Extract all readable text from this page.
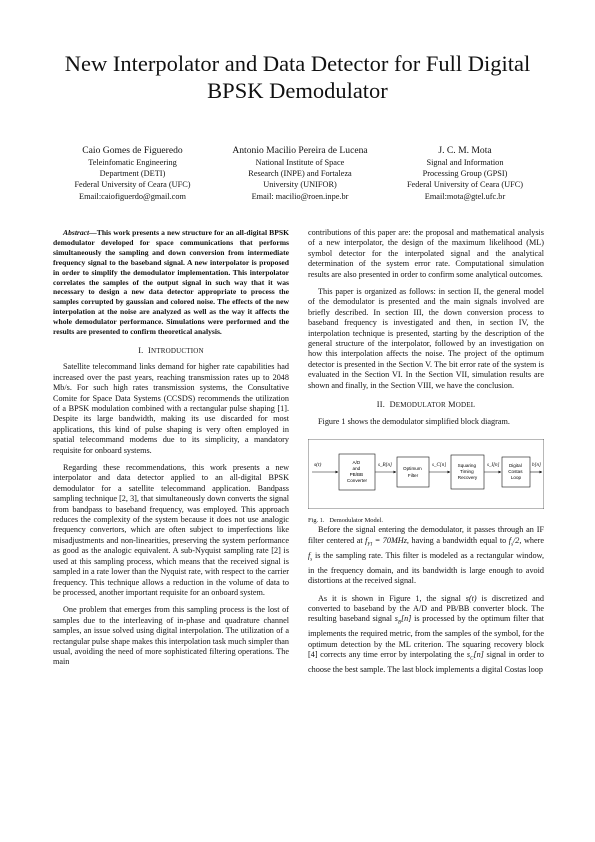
New Interpolator and Data Detector for Full Digital
BPSK Demodulator
Caio Gomes de Figueredo
Teleinfomatic Engineering
Department (DETI)
Federal University of Ceara (UFC)
Email:caiofiguerdo@gmail.com
Antonio Macilio Pereira de Lucena
National Institute of Space
Research (INPE) and Fortaleza
University (UNIFOR)
Email: macilio@roen.inpe.br
J. C. M. Mota
Signal and Information
Processing Group (GPSI)
Federal University of Ceara (UFC)
Email:mota@gtel.ufc.br

Abstract—This work presents a new structure for an all-digital BPSK demodulator developed for space communications that performs simultaneously the sampling and down conversion from intermediate frequency signal to the baseband signal. A new interpolator is proposed in order to simplify the demodulator implementation. This interpolator correlates the samples of the output signal in such way that it was necessary to design a new data detector appropriate to process the samples corrupted by gaussian and colored noise. The effects of the new interpolation at the noise are analyzed as well as the way it affects the whole demodulator performance. Simulations were performed and the results are presented to confirm theoretical analysis.

I. INTRODUCTION

Satellite telecommand links demand for higher rate capabilities had increased over the past years, reaching transmission rates up to 2048 Mb/s. For such high rates transmission systems, the Consultative Comite for Space Data Systems (CCSDS) recommends the utilization of a BPSK modulation combined with a rectangular pulse shaping [1]. Despite its large bandwidth, making its use discarded for most applications, this kind of pulse shaping is very often employed in spatial telecommand modems due to its simplicity, a mandatory requisite for onboard systems.

Regarding these recommendations, this work presents a new interpolator and data detector applied to an all-digital BPSK demodulator for a satellite telecommand application. Bandpass sampling technique [2, 3], that simultaneously down converts the signal from bandpass to baseband frequency, was employed. This approach reduces the complexity of the system because it does not use analogic frequency convertors, which are often subject to imperfections like misadjustments and non-linearities, preserving the system performance as good as the analogic equivalent. A sub-Nyquist sampling rate [2] is used at this sampling process, which means that the received signal is sampled in a rate lower than the Nyquist rate, with respect to the carrier frequency. This technique allows a reduction in the volume of data to be processed, another important requisite for an onboard system.

One problem that emerges from this sampling process is the lost of samples due to the interleaving of in-phase and quadrature channel samples, an issue solved using digital interpolation. The utilization of a rectangular pulse shape makes this interpolation task much simpler than usual, avoiding the need of more sophisticated filtering operations. The main

contributions of this paper are: the proposal and mathematical analysis of a new interpolator, the design of the maximum likelihood (ML) symbol detector for the interpolated signal and the analytical determination of the system error rate. Computational simulation results are also presented in order to confirm some analytical outcomes.

This paper is organized as follows: in section II, the general model of the demodulator is presented and the main signals involved are briefly described. In section III, the down conversion process to baseband frequency is investigated and then, in section IV, the interpolation technique is presented, starting by the description of the general structure of the interpolator, followed by an investigation on how this interpolation affects the noise. The project of the optimum detector is presented in the Section V. The bit error rate of the system is evaluated in the Section VI. In the Section VII, simulation results are shown and finally, in the Section VIII, we have the conclusion.

II. DEMODULATOR MODEL

Figure 1 shows the demodulator simplified block diagram.

s(t)	A/D and PB/BB Converter
s_B[n]
Optimum Filter
s_C[n] Squaring Timing Recovery
s_I[n] Digital Costas Loop
b[n]

Fig. 1. Demodulator Model.

Before the signal entering the demodulator, it passes through an IF filter centered at $f_{FI} = 70MHz$, having a bandwidth equal to $f_s/2$, where $f_s$ is the sampling rate. This filter is modeled as a rectangular window, in the frequency domain, and its bandwidth is large enough to avoid distortions at the received signal.

As it is shown in Figure 1, the signal s(t) is discretized and converted to baseband by the A/D and PB/BB converter block. The resulting baseband signal $s_B[n]$ is processed by the optimum filter that implements the required metric, from the samples of the symbol, for the optimum detection by the ML criterion. The squaring recovery block [4] corrects any time error by interpolating the $s_C[n]$ signal in order to choose the best sample. The last block implements a digital Costas loop
